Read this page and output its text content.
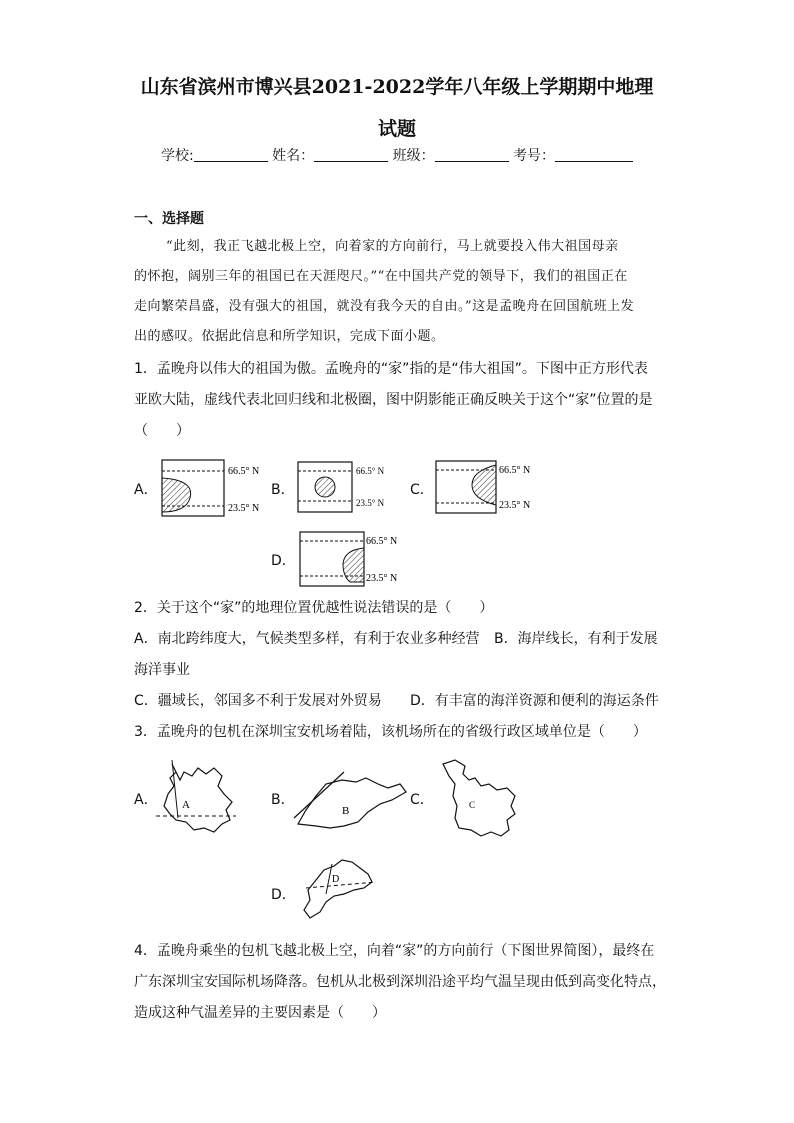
山东省滨州市博兴县2021-2022学年八年级上学期期中地理
试题
学校:	姓名：	班级：	考号：
一、选择题
“此刻，我正飞越北极上空，向着家的方向前行，马上就要投入伟大祖国母亲
的怀抱，阔别三年的祖国已在天涯咫尺。”“在中国共产党的领导下，我们的祖国正在
走向繁荣昌盛，没有强大的祖国，就没有我今天的自由。”这是孟晚舟在回国航班上发
出的感叹。依据此信息和所学知识，完成下面小题。
1．孟晚舟以伟大的祖国为傲。孟晚舟的“家”指的是“伟大祖国”。下图中正方形代表
亚欧大陆，虚线代表北回归线和北极圈，图中阴影能正确反映关于这个“家”位置的是
（　　）
A．
66.5° N
23.5° N
B．
66.5° N
23.5° N
C．
66.5° N
23.5° N
D．
66.5° N
23.5° N
2．关于这个“家”的地理位置优越性说法错误的是（　　）
A．南北跨纬度大，气候类型多样，有利于农业多种经营 B．海岸线长，有利于发展
海洋事业
C．疆域长，邻国多不利于发展对外贸易 D．有丰富的海洋资源和便利的海运条件
3．孟晚舟的包机在深圳宝安机场着陆，该机场所在的省级行政区域单位是（　　）
A． A	B．
B
C．	C
D．
D
4．孟晚舟乘坐的包机飞越北极上空，向着“家”的方向前行（下图世界简图），最终在
广东深圳宝安国际机场降落。包机从北极到深圳沿途平均气温呈现由低到高变化特点，
造成这种气温差异的主要因素是（　　）
